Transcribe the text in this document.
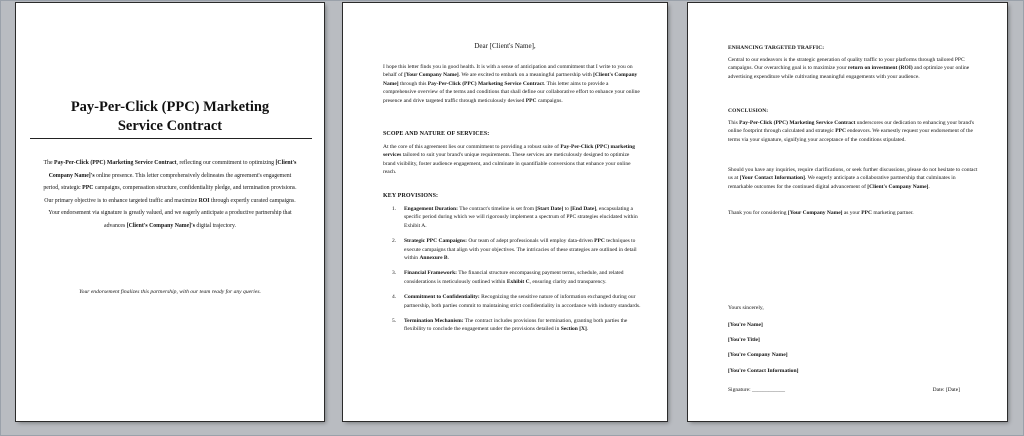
Pay-Per-Click (PPC) Marketing
Service Contract
The Pay-Per-Click (PPC) Marketing Service Contract, reflecting our commitment to optimizing [Client's Company Name]'s online presence. This letter comprehensively delineates the agreement's engagement period, strategic PPC campaigns, compensation structure, confidentiality pledge, and termination provisions. Our primary objective is to enhance targeted traffic and maximize ROI through expertly curated campaigns. Your endorsement via signature is greatly valued, and we eagerly anticipate a productive partnership that advances [Client's Company Name]'s digital trajectory.
Your endorsement finalizes this partnership, with our team ready for any queries.
Dear [Client's Name],
I hope this letter finds you in good health. It is with a sense of anticipation and commitment that I write to you on behalf of [Your Company Name]. We are excited to embark on a meaningful partnership with [Client's Company Name] through this Pay-Per-Click (PPC) Marketing Service Contract. This letter aims to provide a comprehensive overview of the terms and conditions that shall define our collaborative effort to enhance your online presence and drive targeted traffic through meticulously devised PPC campaigns.
SCOPE AND NATURE OF SERVICES:
At the core of this agreement lies our commitment to providing a robust suite of Pay-Per-Click (PPC) marketing services tailored to suit your brand's unique requirements. These services are meticulously designed to optimize brand visibility, foster audience engagement, and culminate in quantifiable conversions that enhance your online reach.
KEY PROVISIONS:
1. Engagement Duration: The contract's timeline is set from [Start Date] to [End Date], encapsulating a specific period during which we will rigorously implement a spectrum of PPC strategies elucidated within Exhibit A.
2. Strategic PPC Campaigns: Our team of adept professionals will employ data-driven PPC techniques to execute campaigns that align with your objectives. The intricacies of these strategies are outlined in detail within Annexure B.
3. Financial Framework: The financial structure encompassing payment terms, schedule, and related considerations is meticulously outlined within Exhibit C, ensuring clarity and transparency.
4. Commitment to Confidentiality: Recognizing the sensitive nature of information exchanged during our partnership, both parties commit to maintaining strict confidentiality in accordance with industry standards.
5. Termination Mechanism: The contract includes provisions for termination, granting both parties the flexibility to conclude the engagement under the provisions detailed in Section [X].
ENHANCING TARGETED TRAFFIC:
Central to our endeavors is the strategic generation of quality traffic to your platforms through tailored PPC campaigns. Our overarching goal is to maximize your return on investment (ROI) and optimize your online advertising expenditure while cultivating meaningful engagements with your audience.
CONCLUSION:
This Pay-Per-Click (PPC) Marketing Service Contract underscores our dedication to enhancing your brand's online footprint through calculated and strategic PPC endeavors. We earnestly request your endorsement of the terms via your signature, signifying your acceptance of the conditions stipulated.
Should you have any inquiries, require clarifications, or seek further discussions, please do not hesitate to contact us at [Your Contact Information]. We eagerly anticipate a collaborative partnership that culminates in remarkable outcomes for the continued digital advancement of [Client's Company Name].
Thank you for considering [Your Company Name] as your PPC marketing partner.
Yours sincerely,
[You're Name]
[You're Title]
[You're Company Name]
[You're Contact Information]
Signature: ____________	Date: [Date]
